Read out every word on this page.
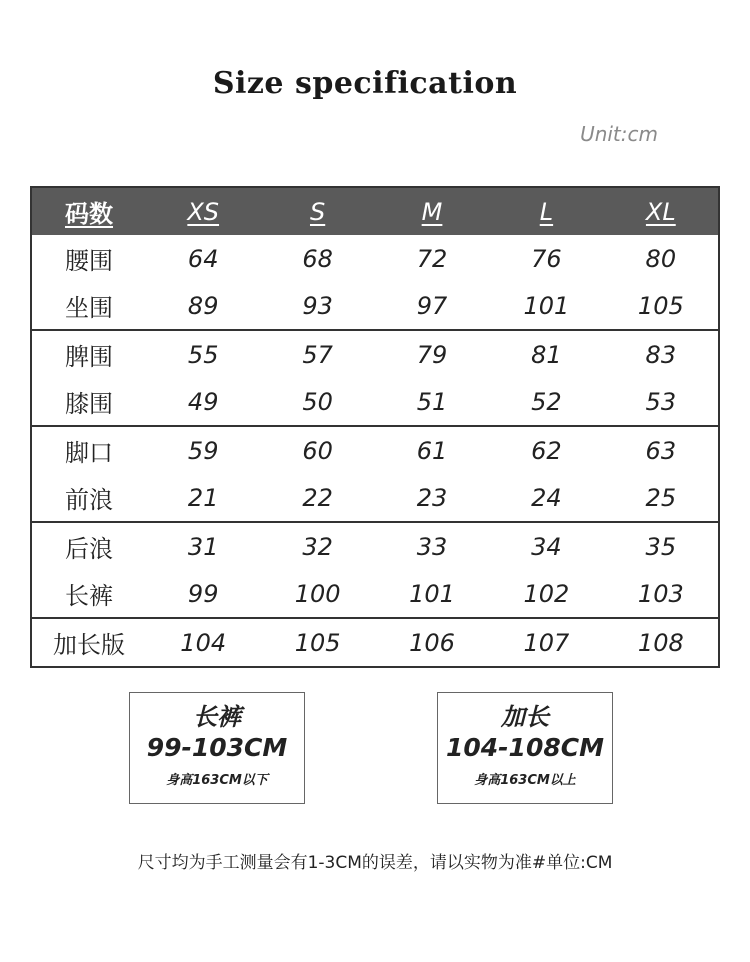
Size specification
Unit:cm
码数	XS	S	M	L	XL
腰围	64	68	72	76	80
坐围	89	93	97	101	105
脾围	55	57	79	81	83
膝围	49	50	51	52	53
脚口	59	60	61	62	63
前浪	21	22	23	24	25
后浪	31	32	33	34	35
长裤	99	100	101	102	103
加长版	104	105	106	107	108
长裤
99-103CM
身高163CM以下
加长
104-108CM
身高163CM以上
尺寸均为手工测量会有1-3CM的误差，请以实物为准#单位:CM
